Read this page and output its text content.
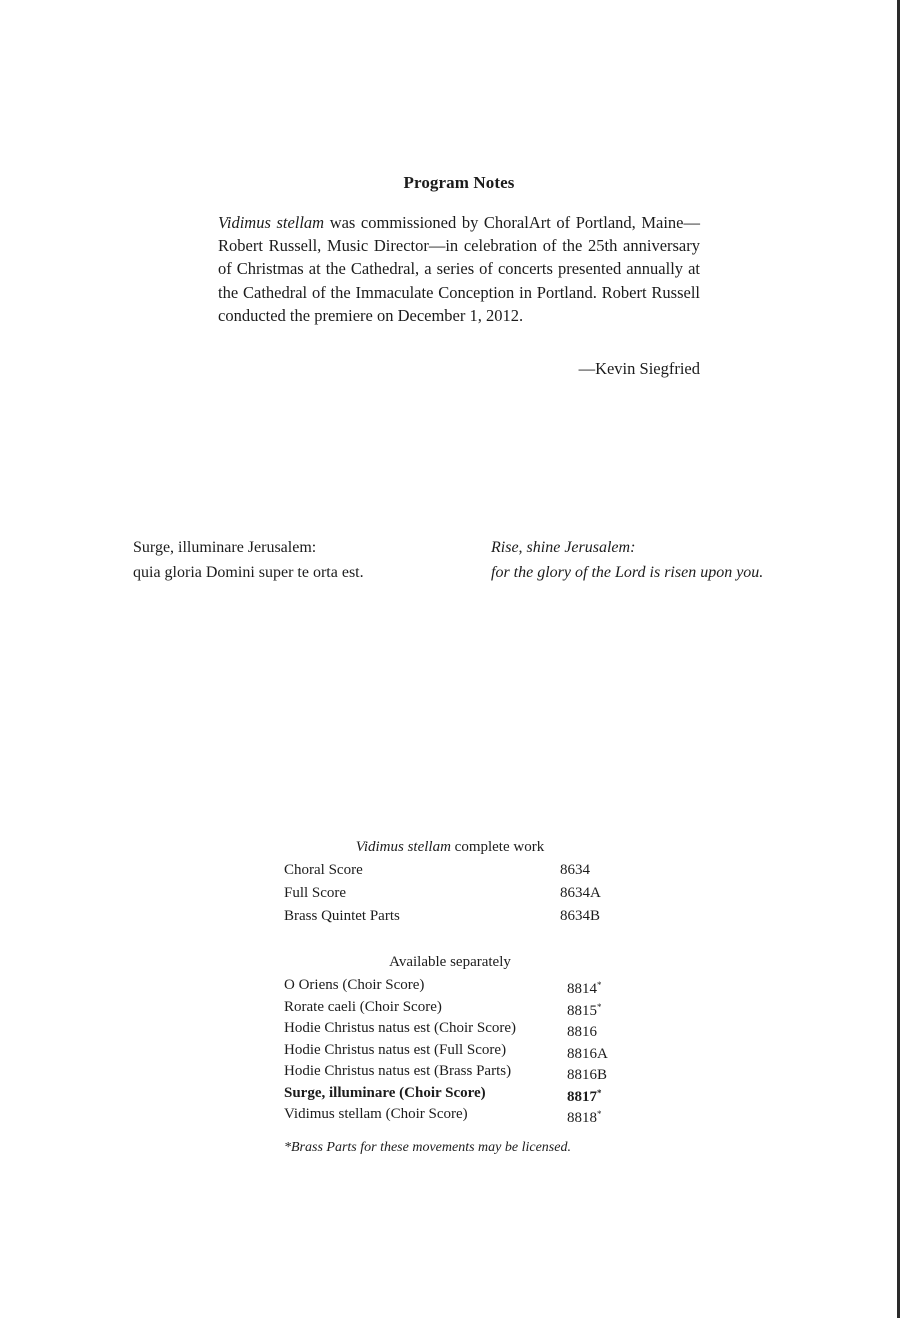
Program Notes

Vidimus stellam was commissioned by ChoralArt of Portland, Maine—Robert Russell, Music Director—in celebration of the 25th anniversary of Christmas at the Cathedral, a series of concerts presented annually at the Cathedral of the Immaculate Conception in Portland. Robert Russell conducted the premiere on December 1, 2012.

—Kevin Siegfried
Surge, illuminare Jerusalem:
quia gloria Domini super te orta est.
Rise, shine Jerusalem:
for the glory of the Lord is risen upon you.
Vidimus stellam complete work
Choral Score	8634
Full Score	8634A
Brass Quintet Parts	8634B
Available separately
O Oriens (Choir Score)	8814*
Rorate caeli (Choir Score)	8815*
Hodie Christus natus est (Choir Score)	8816
Hodie Christus natus est (Full Score)	8816A
Hodie Christus natus est (Brass Parts)	8816B
Surge, illuminare (Choir Score)	8817*
Vidimus stellam (Choir Score)	8818*
*Brass Parts for these movements may be licensed.
